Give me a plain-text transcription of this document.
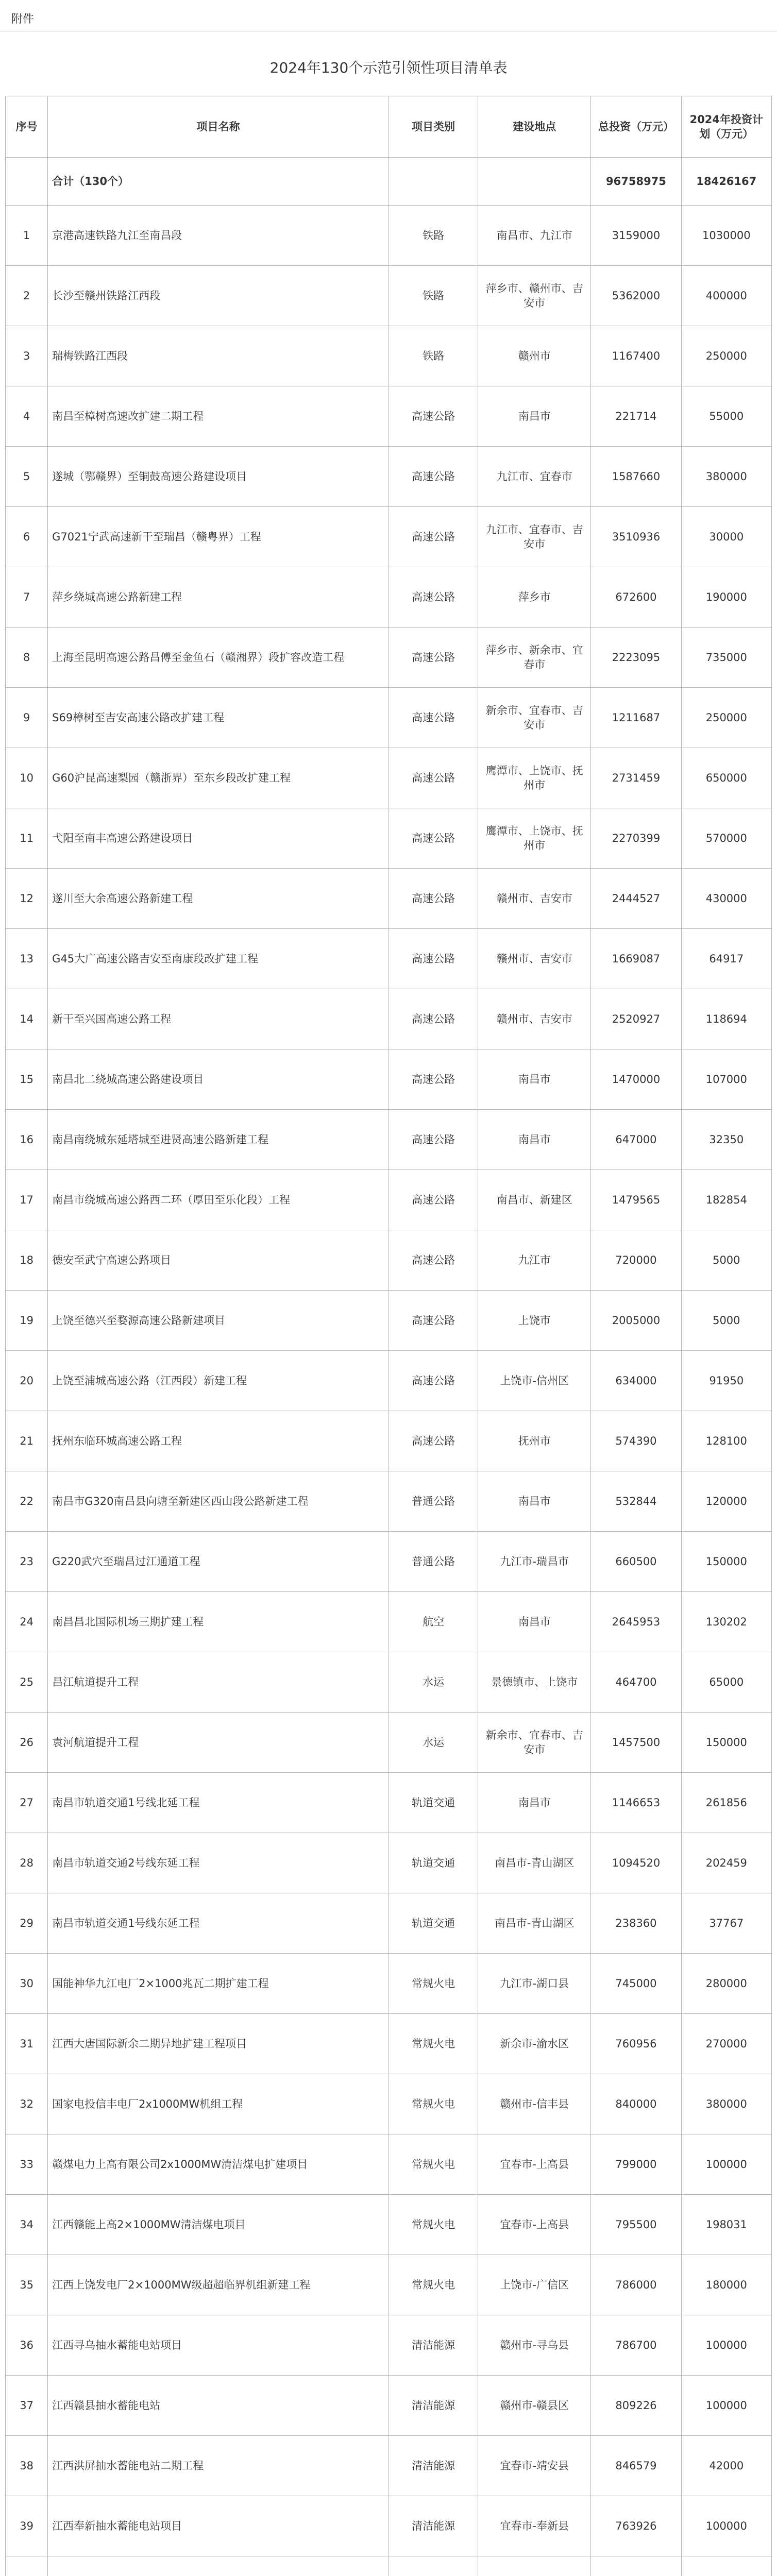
附件
2024年130个示范引领性项目清单表
序号	项目名称	项目类别	建设地点	总投资（万元）	2024年投资计划（万元）
	合计（130个）			96758975	18426167
1	京港高速铁路九江至南昌段	铁路	南昌市、九江市	3159000	1030000
2	长沙至赣州铁路江西段	铁路	萍乡市、赣州市、吉安市	5362000	400000
3	瑞梅铁路江西段	铁路	赣州市	1167400	250000
4	南昌至樟树高速改扩建二期工程	高速公路	南昌市	221714	55000
5	遂城（鄂赣界）至铜鼓高速公路建设项目	高速公路	九江市、宜春市	1587660	380000
6	G7021宁武高速新干至瑞昌（赣粤界）工程	高速公路	九江市、宜春市、吉安市	3510936	30000
7	萍乡绕城高速公路新建工程	高速公路	萍乡市	672600	190000
8	上海至昆明高速公路昌傅至金鱼石（赣湘界）段扩容改造工程	高速公路	萍乡市、新余市、宜春市	2223095	735000
9	S69樟树至吉安高速公路改扩建工程	高速公路	新余市、宜春市、吉安市	1211687	250000
10	G60沪昆高速梨园（赣浙界）至东乡段改扩建工程	高速公路	鹰潭市、上饶市、抚州市	2731459	650000
11	弋阳至南丰高速公路建设项目	高速公路	鹰潭市、上饶市、抚州市	2270399	570000
12	遂川至大余高速公路新建工程	高速公路	赣州市、吉安市	2444527	430000
13	G45大广高速公路吉安至南康段改扩建工程	高速公路	赣州市、吉安市	1669087	64917
14	新干至兴国高速公路工程	高速公路	赣州市、吉安市	2520927	118694
15	南昌北二绕城高速公路建设项目	高速公路	南昌市	1470000	107000
16	南昌南绕城东延塔城至进贤高速公路新建工程	高速公路	南昌市	647000	32350
17	南昌市绕城高速公路西二环（厚田至乐化段）工程	高速公路	南昌市、新建区	1479565	182854
18	德安至武宁高速公路项目	高速公路	九江市	720000	5000
19	上饶至德兴至婺源高速公路新建项目	高速公路	上饶市	2005000	5000
20	上饶至浦城高速公路（江西段）新建工程	高速公路	上饶市-信州区	634000	91950
21	抚州东临环城高速公路工程	高速公路	抚州市	574390	128100
22	南昌市G320南昌县向塘至新建区西山段公路新建工程	普通公路	南昌市	532844	120000
23	G220武穴至瑞昌过江通道工程	普通公路	九江市-瑞昌市	660500	150000
24	南昌昌北国际机场三期扩建工程	航空	南昌市	2645953	130202
25	昌江航道提升工程	水运	景德镇市、上饶市	464700	65000
26	袁河航道提升工程	水运	新余市、宜春市、吉安市	1457500	150000
27	南昌市轨道交通1号线北延工程	轨道交通	南昌市	1146653	261856
28	南昌市轨道交通2号线东延工程	轨道交通	南昌市-青山湖区	1094520	202459
29	南昌市轨道交通1号线东延工程	轨道交通	南昌市-青山湖区	238360	37767
30	国能神华九江电厂2×1000兆瓦二期扩建工程	常规火电	九江市-湖口县	745000	280000
31	江西大唐国际新余二期异地扩建工程项目	常规火电	新余市-渝水区	760956	270000
32	国家电投信丰电厂2x1000MW机组工程	常规火电	赣州市-信丰县	840000	380000
33	赣煤电力上高有限公司2x1000MW清洁煤电扩建项目	常规火电	宜春市-上高县	799000	100000
34	江西赣能上高2×1000MW清洁煤电项目	常规火电	宜春市-上高县	795500	198031
35	江西上饶发电厂2×1000MW级超超临界机组新建工程	常规火电	上饶市-广信区	786000	180000
36	江西寻乌抽水蓄能电站项目	清洁能源	赣州市-寻乌县	786700	100000
37	江西赣县抽水蓄能电站	清洁能源	赣州市-赣县区	809226	100000
38	江西洪屏抽水蓄能电站二期工程	清洁能源	宜春市-靖安县	846579	42000
39	江西奉新抽水蓄能电站项目	清洁能源	宜春市-奉新县	763926	100000
